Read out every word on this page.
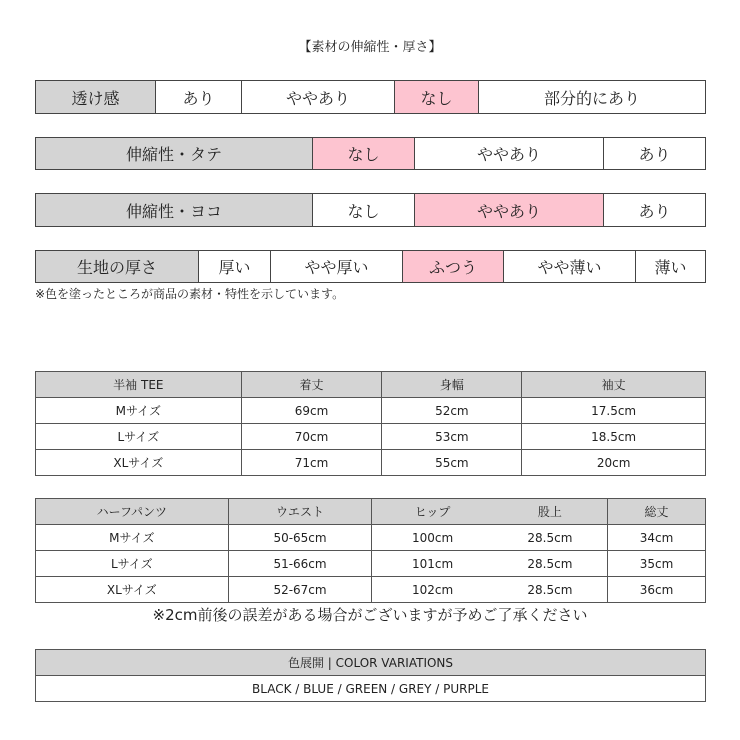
【素材の伸縮性・厚さ】
透け感	あり	ややあり	なし	部分的にあり
伸縮性・タテ	なし	ややあり	あり
伸縮性・ヨコ	なし	ややあり	あり
生地の厚さ	厚い	やや厚い	ふつう	やや薄い	薄い
※色を塗ったところが商品の素材・特性を示しています。
半袖 TEE	着丈	身幅	袖丈
Mサイズ	69cm	52cm	17.5cm
Lサイズ	70cm	53cm	18.5cm
XLサイズ	71cm	55cm	20cm
ハーフパンツ	ウエスト	ヒップ	股上	総丈
Mサイズ	50-65cm	100cm	28.5cm	34cm
Lサイズ	51-66cm	101cm	28.5cm	35cm
XLサイズ	52-67cm	102cm	28.5cm	36cm
※2cm前後の誤差がある場合がございますが予めご了承ください
色展開 | COLOR VARIATIONS
BLACK / BLUE / GREEN / GREY / PURPLE
